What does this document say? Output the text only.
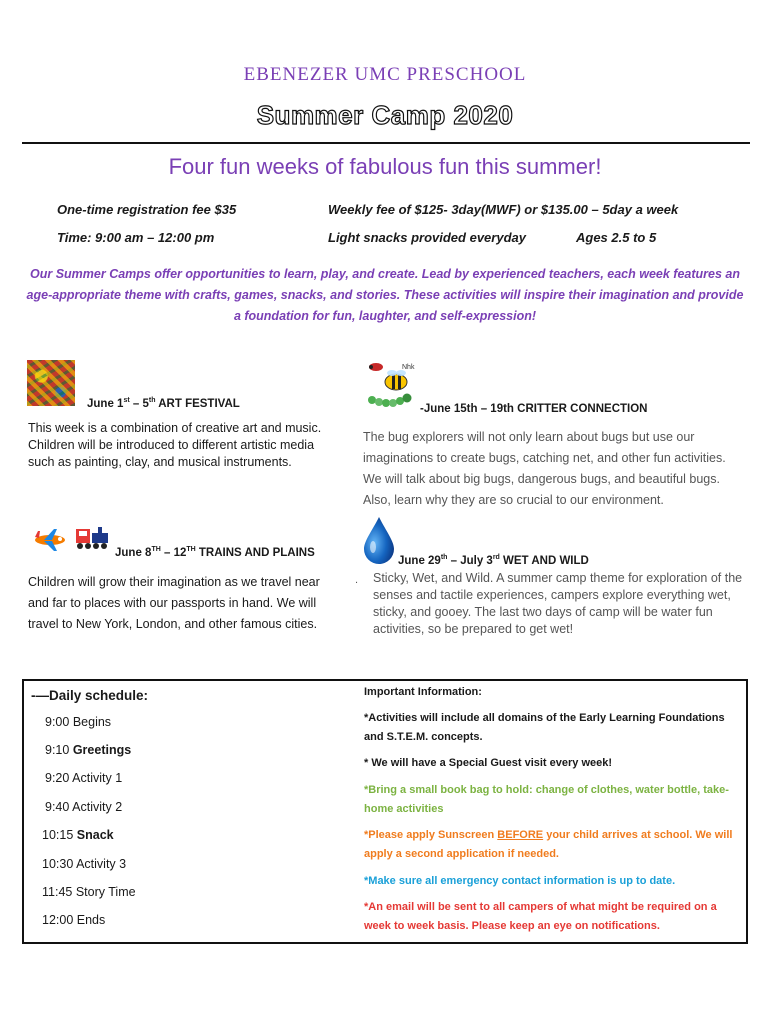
EBENEZER UMC PRESCHOOL
Summer Camp 2020
Four fun weeks of fabulous fun this summer!
One-time registration fee $35	Weekly fee of $125- 3day(MWF) or $135.00 – 5day a week
Time: 9:00 am – 12:00 pm	Light snacks provided everyday	Ages 2.5 to 5
Our Summer Camps offer opportunities to learn, play, and create. Lead by experienced teachers, each week features an age-appropriate theme with crafts, games, snacks, and stories. These activities will inspire their imagination and provide a foundation for fun, laughter, and self-expression!
June 1st – 5th ART FESTIVAL
This week is a combination of creative art and music. Children will be introduced to different artistic media such as painting, clay, and musical instruments.
Nhk
-June 15th – 19th CRITTER CONNECTION
The bug explorers will not only learn about bugs but use our imaginations to create bugs, catching net, and other fun activities. We will talk about big bugs, dangerous bugs, and beautiful bugs. Also, learn why they are so crucial to our environment.
June 8TH – 12TH TRAINS AND PLAINS
Children will grow their imagination as we travel near and far to places with our passports in hand. We will travel to New York, London, and other famous cities.
June 29th – July 3rd WET AND WILD
. Sticky, Wet, and Wild. A summer camp theme for exploration of the senses and tactile experiences, campers explore everything wet, sticky, and gooey. The last two days of camp will be water fun activities, so be prepared to get wet!
-—Daily schedule:
9:00 Begins
9:10 Greetings
9:20 Activity 1
9:40 Activity 2
10:15 Snack
10:30 Activity 3
11:45 Story Time
12:00 Ends
Important Information:
*Activities will include all domains of the Early Learning Foundations and S.T.E.M. concepts.
* We will have a Special Guest visit every week!
*Bring a small book bag to hold: change of clothes, water bottle, take-home activities
*Please apply Sunscreen BEFORE your child arrives at school. We will apply a second application if needed.
*Make sure all emergency contact information is up to date.
*An email will be sent to all campers of what might be required on a week to week basis. Please keep an eye on notifications.
